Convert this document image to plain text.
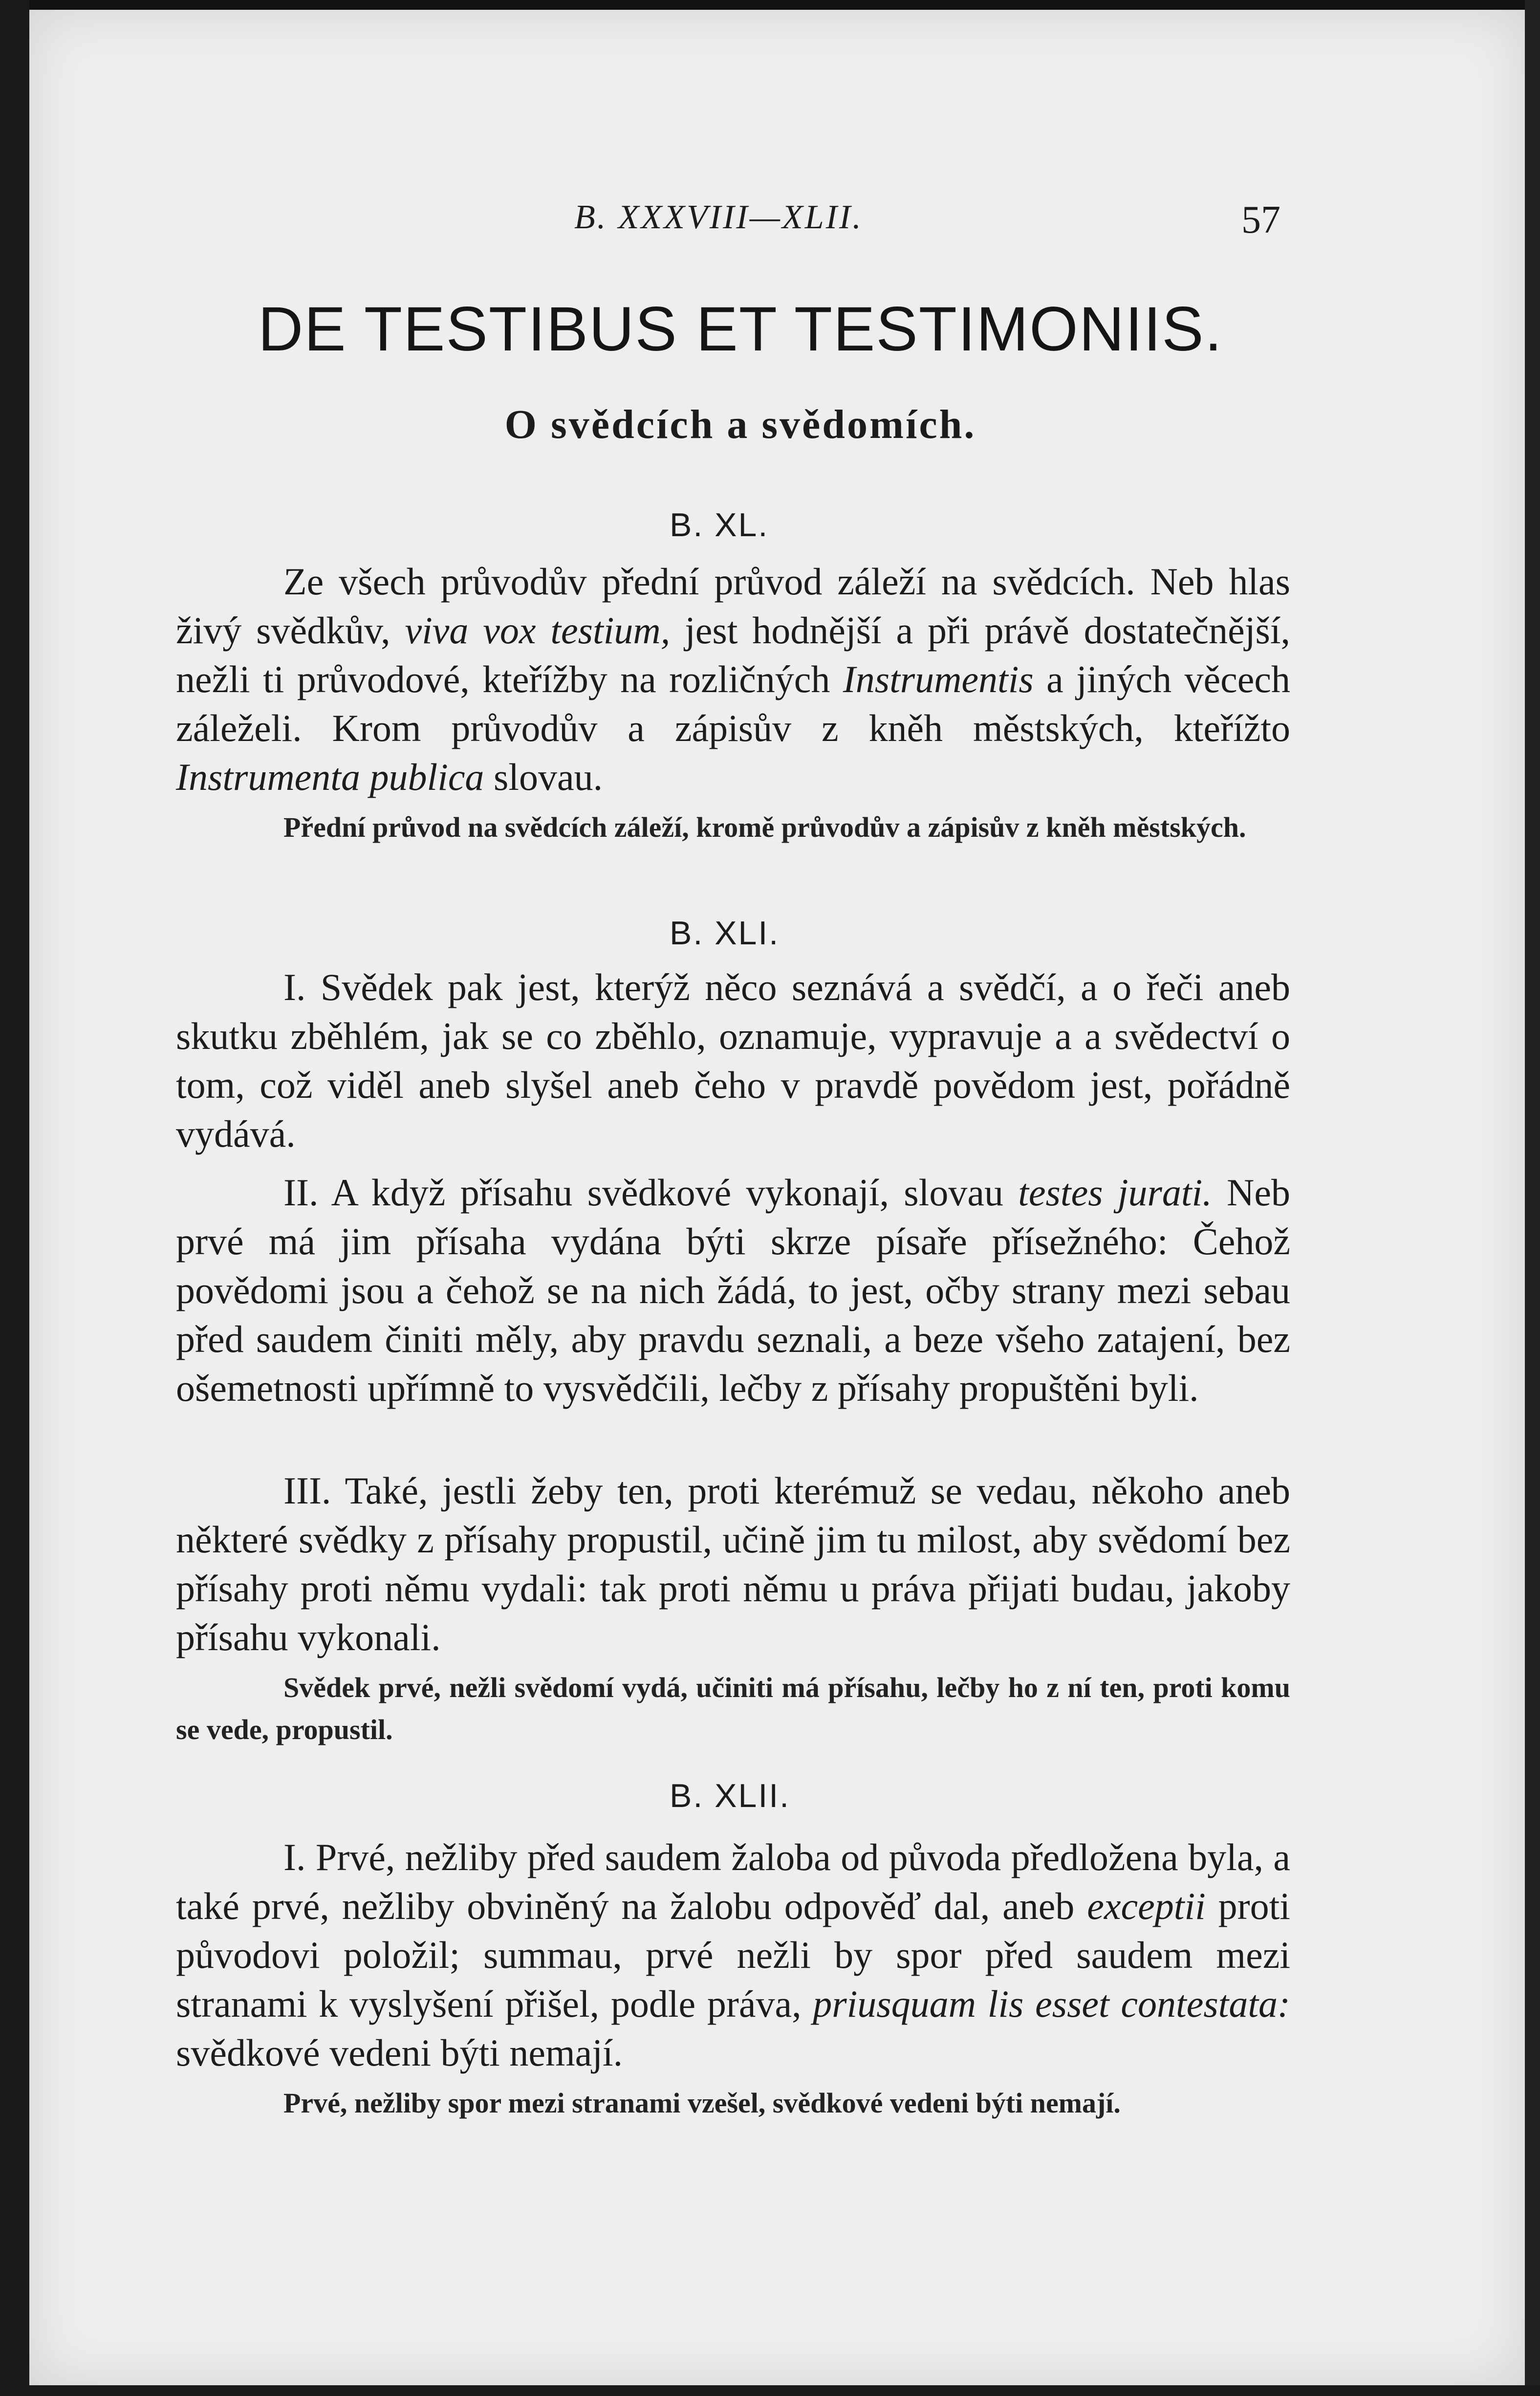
B. XXXVIII—XLII.	57
DE TESTIBUS ET TESTIMONIIS.
O svědcích a svědomích.
B. XL.
Ze všech průvodův přední průvod záleží na svědcích. Neb hlas živý svědkův, viva vox testium, jest hodnější a při právě dostatečnější, nežli ti průvodové, kteřížby na rozličných Instrumentis a jiných věcech záleželi. Krom průvodův a zápisův z kněh městských, kteřížto Instrumenta publica slovau.
Přední průvod na svědcích záleží, kromě průvodův a zápisův z kněh městských.
B. XLI.
I. Svědek pak jest, kterýž něco seznává a svědčí, a o řeči aneb skutku zběhlém, jak se co zběhlo, oznamuje, vypravuje a a svědectví o tom, což viděl aneb slyšel aneb čeho v pravdě povědom jest, pořádně vydává.
II. A když přísahu svědkové vykonají, slovau testes jurati. Neb prvé má jim přísaha vydána býti skrze písaře přísežného: Čehož povědomi jsou a čehož se na nich žádá, to jest, očby strany mezi sebau před saudem činiti měly, aby pravdu seznali, a beze všeho zatajení, bez ošemetnosti upřímně to vysvědčili, lečby z přísahy propuštěni byli.
III. Také, jestli žeby ten, proti kterémuž se vedau, někoho aneb některé svědky z přísahy propustil, učině jim tu milost, aby svědomí bez přísahy proti němu vydali: tak proti němu u práva přijati budau, jakoby přísahu vykonali.
Svědek prvé, nežli svědomí vydá, učiniti má přísahu, lečby ho z ní ten, proti komu se vede, propustil.
B. XLII.
I. Prvé, nežliby před saudem žaloba od původa předložena byla, a také prvé, nežliby obviněný na žalobu odpověď dal, aneb exceptii proti původovi položil; summau, prvé nežli by spor před saudem mezi stranami k vyslyšení přišel, podle práva, priusquam lis esset contestata: svědkové vedeni býti nemají.
Prvé, nežliby spor mezi stranami vzešel, svědkové vedeni býti nemají.
